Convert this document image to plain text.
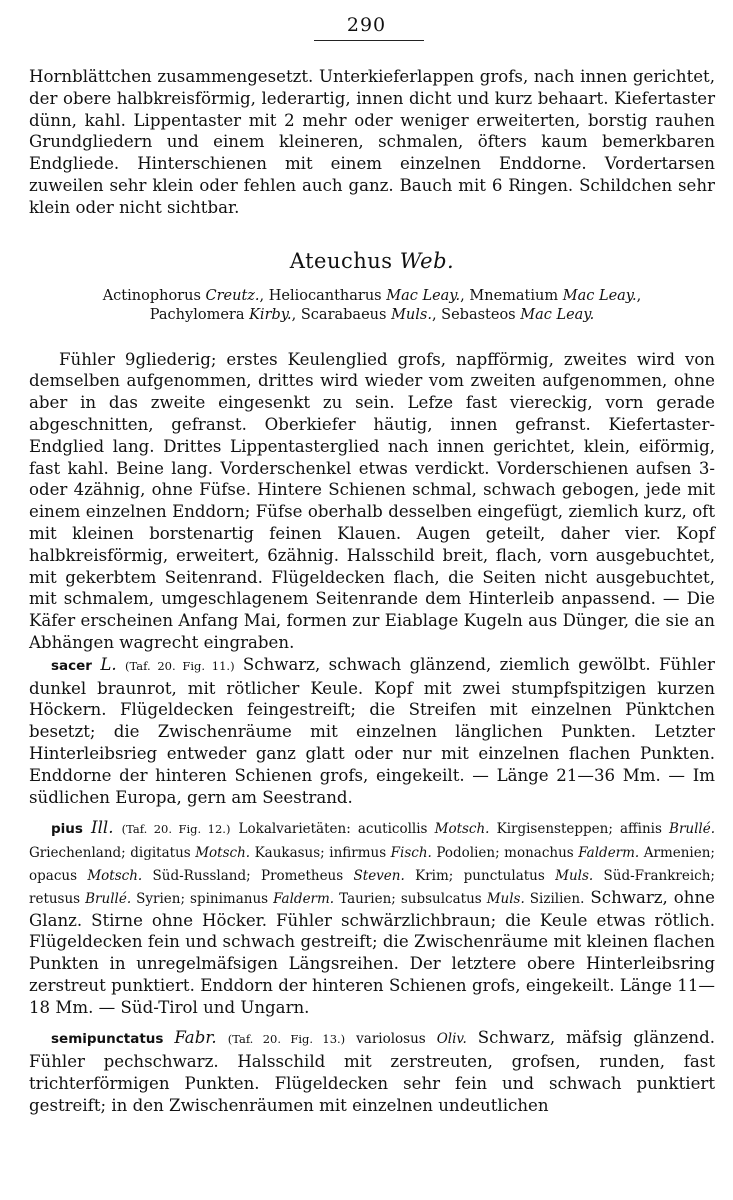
290

Hornblättchen zusammengesetzt. Unterkieferlappen grofs, nach innen gerichtet, der obere halbkreisförmig, lederartig, innen dicht und kurz behaart. Kiefertaster dünn, kahl. Lippentaster mit 2 mehr oder weniger erweiterten, borstig rauhen Grundgliedern und einem kleineren, schmalen, öfters kaum bemerkbaren Endgliede. Hinterschienen mit einem einzelnen Enddorne. Vordertarsen zuweilen sehr klein oder fehlen auch ganz. Bauch mit 6 Ringen. Schildchen sehr klein oder nicht sichtbar.

Ateuchus Web.
Actinophorus Creutz., Heliocantharus Mac Leay., Mnematium Mac Leay.,
Pachylomera Kirby., Scarabaeus Muls., Sebasteos Mac Leay.

Fühler 9gliederig; erstes Keulenglied grofs, napfförmig, zweites wird von demselben aufgenommen, drittes wird wieder vom zweiten aufgenommen, ohne aber in das zweite eingesenkt zu sein. Lefze fast viereckig, vorn gerade abgeschnitten, gefranst. Oberkiefer häutig, innen gefranst. Kiefertaster-Endglied lang. Drittes Lippentasterglied nach innen gerichtet, klein, eiförmig, fast kahl. Beine lang. Vorderschenkel etwas verdickt. Vorderschienen aufsen 3- oder 4zähnig, ohne Füfse. Hintere Schienen schmal, schwach gebogen, jede mit einem einzelnen Enddorn; Füfse oberhalb desselben eingefügt, ziemlich kurz, oft mit kleinen borstenartig feinen Klauen. Augen geteilt, daher vier. Kopf halbkreisförmig, erweitert, 6zähnig. Halsschild breit, flach, vorn ausgebuchtet, mit gekerbtem Seitenrand. Flügeldecken flach, die Seiten nicht ausgebuchtet, mit schmalem, umgeschlagenem Seitenrande dem Hinterleib anpassend. — Die Käfer erscheinen Anfang Mai, formen zur Eiablage Kugeln aus Dünger, die sie an Abhängen wagrecht eingraben.

sacer L. (Taf. 20. Fig. 11.) Schwarz, schwach glänzend, ziemlich gewölbt. Fühler dunkel braunrot, mit rötlicher Keule. Kopf mit zwei stumpfspitzigen kurzen Höckern. Flügeldecken feingestreift; die Streifen mit einzelnen Pünktchen besetzt; die Zwischenräume mit einzelnen länglichen Punkten. Letzter Hinterleibsrieg entweder ganz glatt oder nur mit einzelnen flachen Punkten. Enddorne der hinteren Schienen grofs, eingekeilt. — Länge 21—36 Mm. — Im südlichen Europa, gern am Seestrand.

pius Ill. (Taf. 20. Fig. 12.) Lokalvarietäten: acuticollis Motsch. Kirgisensteppen; affinis Brullé. Griechenland; digitatus Motsch. Kaukasus; infirmus Fisch. Podolien; monachus Falderm. Armenien; opacus Motsch. Süd-Russland; Prometheus Steven. Krim; punctulatus Muls. Süd-Frankreich; retusus Brullé. Syrien; spinimanus Falderm. Taurien; subsulcatus Muls. Sizilien. Schwarz, ohne Glanz. Stirne ohne Höcker. Fühler schwärzlichbraun; die Keule etwas rötlich. Flügeldecken fein und schwach gestreift; die Zwischenräume mit kleinen flachen Punkten in unregelmäfsigen Längsreihen. Der letztere obere Hinterleibsring zerstreut punktiert. Enddorn der hinteren Schienen grofs, eingekeilt. Länge 11—18 Mm. — Süd-Tirol und Ungarn.

semipunctatus Fabr. (Taf. 20. Fig. 13.) variolosus Oliv. Schwarz, mäfsig glänzend. Fühler pechschwarz. Halsschild mit zerstreuten, grofsen, runden, fast trichterförmigen Punkten. Flügeldecken sehr fein und schwach punktiert gestreift; in den Zwischenräumen mit einzelnen undeutlichen
